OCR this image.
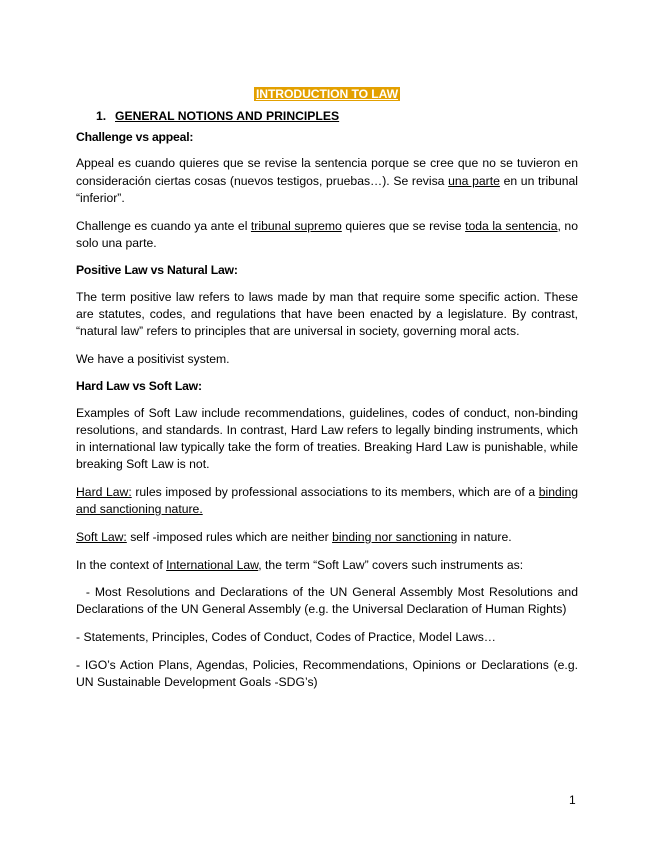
INTRODUCTION TO LAW
1. GENERAL NOTIONS AND PRINCIPLES
Challenge vs appeal:

Appeal es cuando quieres que se revise la sentencia porque se cree que no se tuvieron en consideración ciertas cosas (nuevos testigos, pruebas…). Se revisa una parte en un tribunal “inferior”.

Challenge es cuando ya ante el tribunal supremo quieres que se revise toda la sentencia, no solo una parte.

Positive Law vs Natural Law:

The term positive law refers to laws made by man that require some specific action. These are statutes, codes, and regulations that have been enacted by a legislature. By contrast, “natural law” refers to principles that are universal in society, governing moral acts.

We have a positivist system.

Hard Law vs Soft Law:

Examples of Soft Law include recommendations, guidelines, codes of conduct, non-binding resolutions, and standards. In contrast, Hard Law refers to legally binding instruments, which in international law typically take the form of treaties. Breaking Hard Law is punishable, while breaking Soft Law is not.

Hard Law: rules imposed by professional associations to its members, which are of a binding and sanctioning nature.

Soft Law: self -imposed rules which are neither binding nor sanctioning in nature.

In the context of International Law, the term “Soft Law” covers such instruments as:

- Most Resolutions and Declarations of the UN General Assembly Most Resolutions and Declarations of the UN General Assembly (e.g. the Universal Declaration of Human Rights)

- Statements, Principles, Codes of Conduct, Codes of Practice, Model Laws…

- IGO’s Action Plans, Agendas, Policies, Recommendations, Opinions or Declarations (e.g. UN Sustainable Development Goals -SDG’s)

1
